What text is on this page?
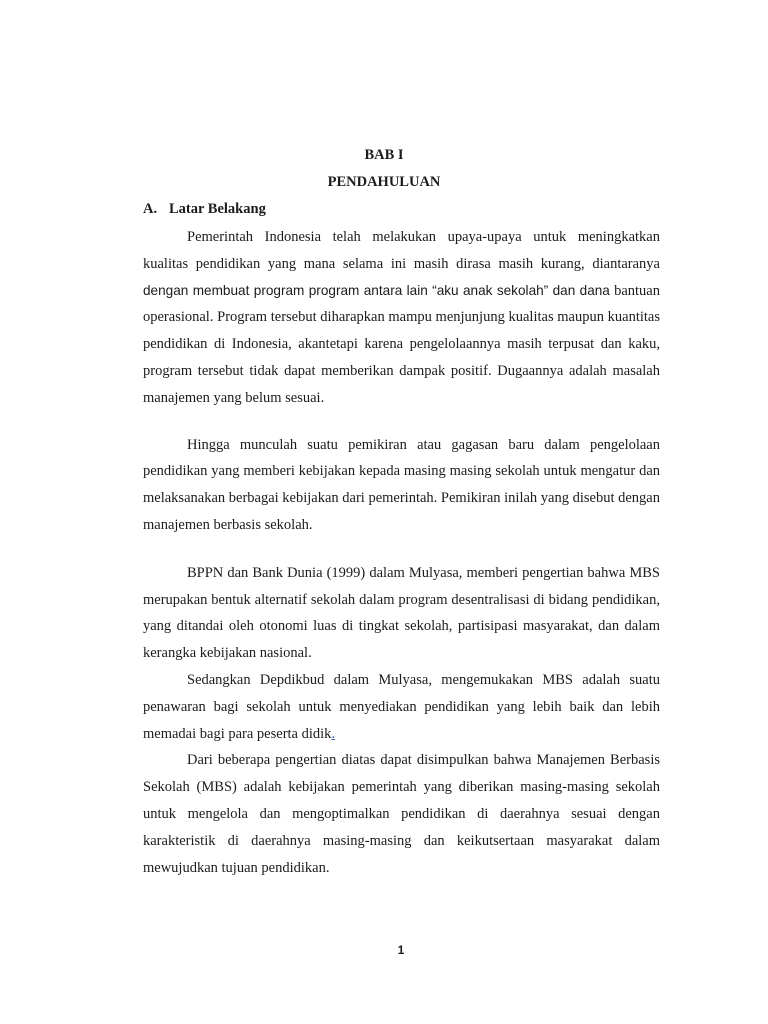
BAB I

PENDAHULUAN

A. Latar Belakang

Pemerintah Indonesia telah melakukan upaya-upaya untuk meningkatkan kualitas pendidikan yang mana selama ini masih dirasa masih kurang, diantaranya dengan membuat program program antara lain “aku anak sekolah” dan dana bantuan operasional. Program tersebut diharapkan mampu menjunjung kualitas maupun kuantitas pendidikan di Indonesia, akantetapi karena pengelolaannya masih terpusat dan kaku, program tersebut tidak dapat memberikan dampak positif. Dugaannya adalah masalah manajemen yang belum sesuai.

Hingga munculah suatu pemikiran atau gagasan baru dalam pengelolaan pendidikan yang memberi kebijakan kepada masing masing sekolah untuk mengatur dan melaksanakan berbagai kebijakan dari pemerintah. Pemikiran inilah yang disebut dengan manajemen berbasis sekolah.

BPPN dan Bank Dunia (1999) dalam Mulyasa, memberi pengertian bahwa MBS merupakan bentuk alternatif sekolah dalam program desentralisasi di bidang pendidikan, yang ditandai oleh otonomi luas di tingkat sekolah, partisipasi masyarakat, dan dalam kerangka kebijakan nasional.

Sedangkan Depdikbud dalam Mulyasa, mengemukakan MBS adalah suatu penawaran bagi sekolah untuk menyediakan pendidikan yang lebih baik dan lebih memadai bagi para peserta didik.

Dari beberapa pengertian diatas dapat disimpulkan bahwa Manajemen Berbasis Sekolah (MBS) adalah kebijakan pemerintah yang diberikan masing-masing sekolah untuk mengelola dan mengoptimalkan pendidikan di daerahnya sesuai dengan karakteristik di daerahnya masing-masing dan keikutsertaan masyarakat dalam mewujudkan tujuan pendidikan.

1
